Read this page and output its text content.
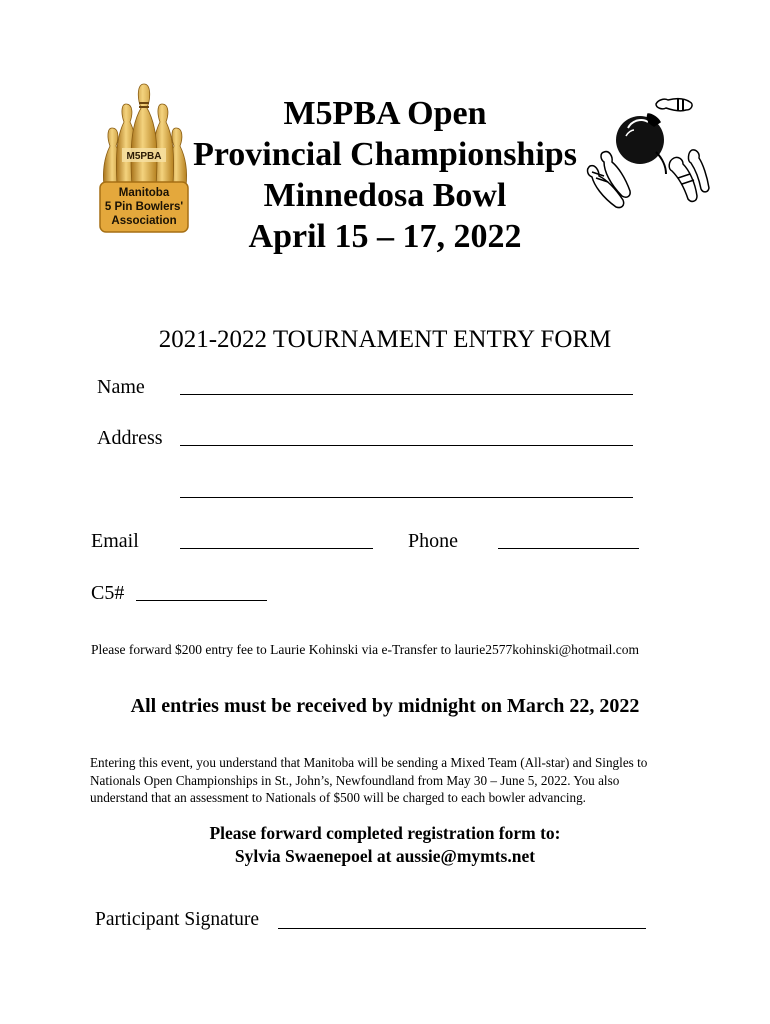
M5PBA
Manitoba
5 Pin Bowlers'
Association
M5PBA Open
Provincial Championships
Minnedosa Bowl
April 15 – 17, 2022
2021-2022 TOURNAMENT ENTRY FORM
Name
Address
Email	Phone
C5#
Please forward $200 entry fee to Laurie Kohinski via e-Transfer to laurie2577kohinski@hotmail.com
All entries must be received by midnight on March 22, 2022
Entering this event, you understand that Manitoba will be sending a Mixed Team (All-star) and Singles to
Nationals Open Championships in St., John’s, Newfoundland from May 30 – June 5, 2022. You also
understand that an assessment to Nationals of $500 will be charged to each bowler advancing.
Please forward completed registration form to:
Sylvia Swaenepoel at aussie@mymts.net
Participant Signature
